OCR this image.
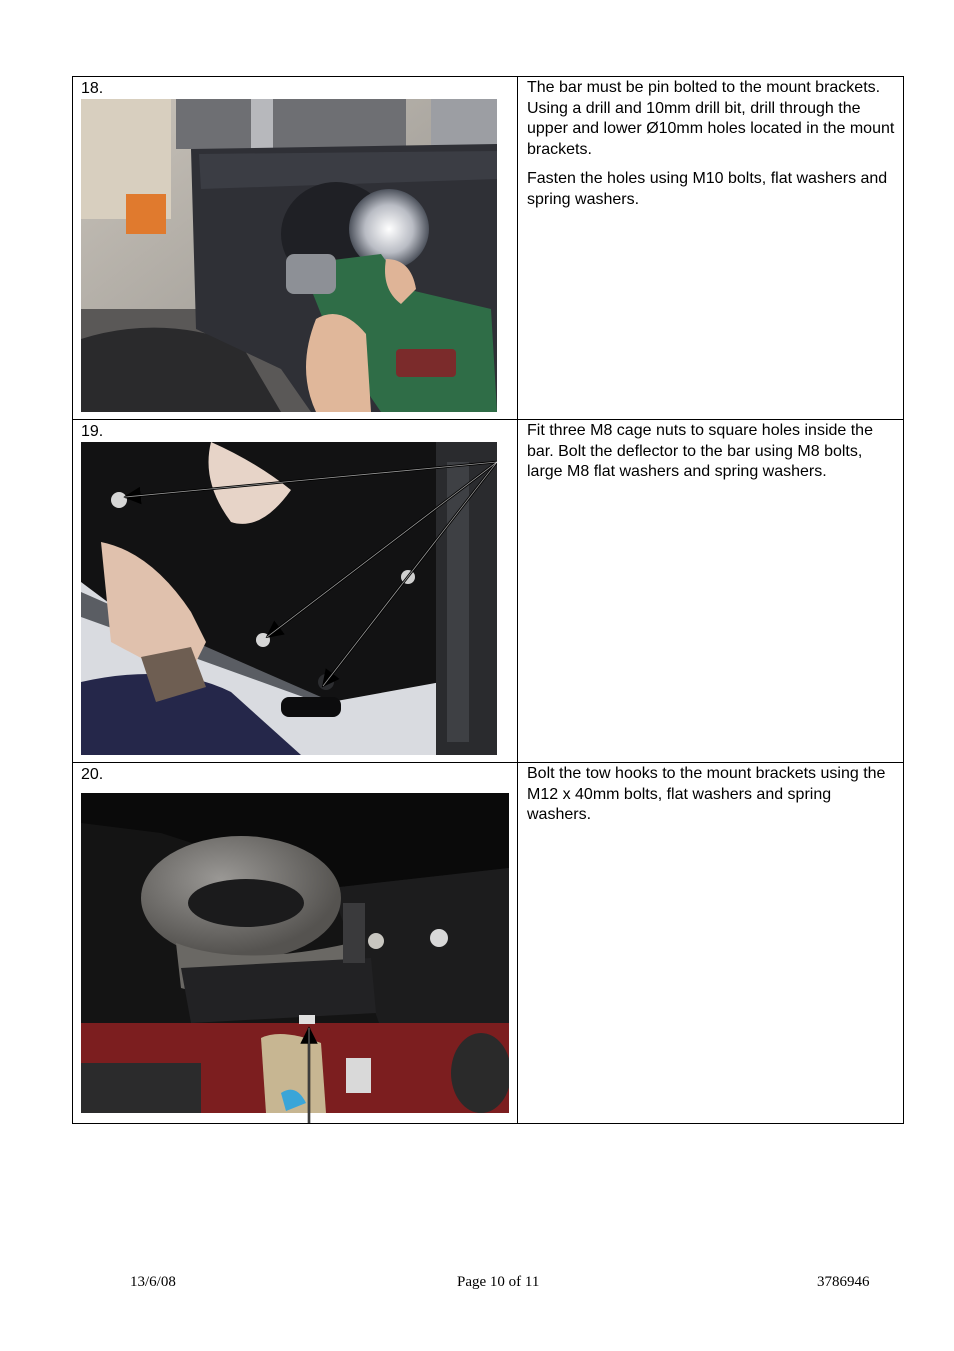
18.	The bar must be pin bolted to the mount brackets. Using a drill and 10mm drill bit, drill through the upper and lower Ø10mm holes located in the mount brackets.

Fasten the holes using M10 bolts, flat washers and spring washers.

19.	Fit three M8 cage nuts to square holes inside the bar. Bolt the deflector to the bar using M8 bolts, large M8 flat washers and spring washers.

20.	Bolt the tow hooks to the mount brackets using the M12 x 40mm bolts, flat washers and spring washers.

13/6/08	Page 10 of 11	3786946
